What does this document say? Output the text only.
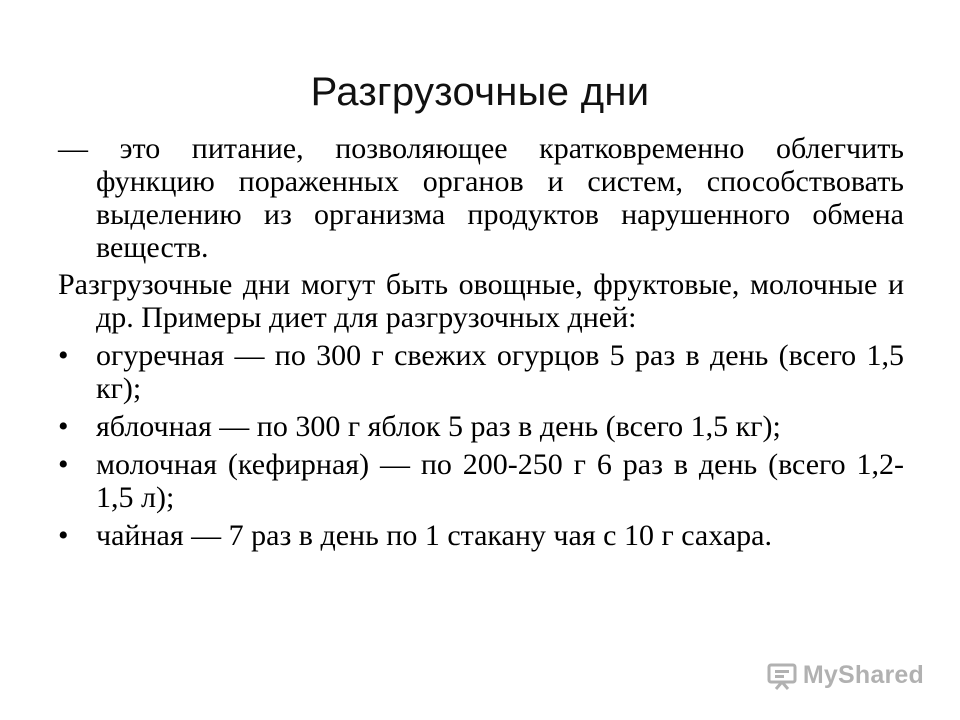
Разгрузочные дни

— это питание, позволяющее кратковременно облегчить функцию пораженных органов и систем, способствовать выделению из организма продуктов нарушенного обмена веществ.

Разгрузочные дни могут быть овощные, фруктовые, молочные и др. Примеры диет для разгрузочных дней:

• огуречная — по 300 г свежих огурцов 5 раз в день (всего 1,5 кг);
• яблочная — по 300 г яблок 5 раз в день (всего 1,5 кг);
• молочная (кефирная) — по 200-250 г 6 раз в день (всего 1,2-1,5 л);
• чайная — 7 раз в день по 1 стакану чая с 10 г сахара.
MyShared
